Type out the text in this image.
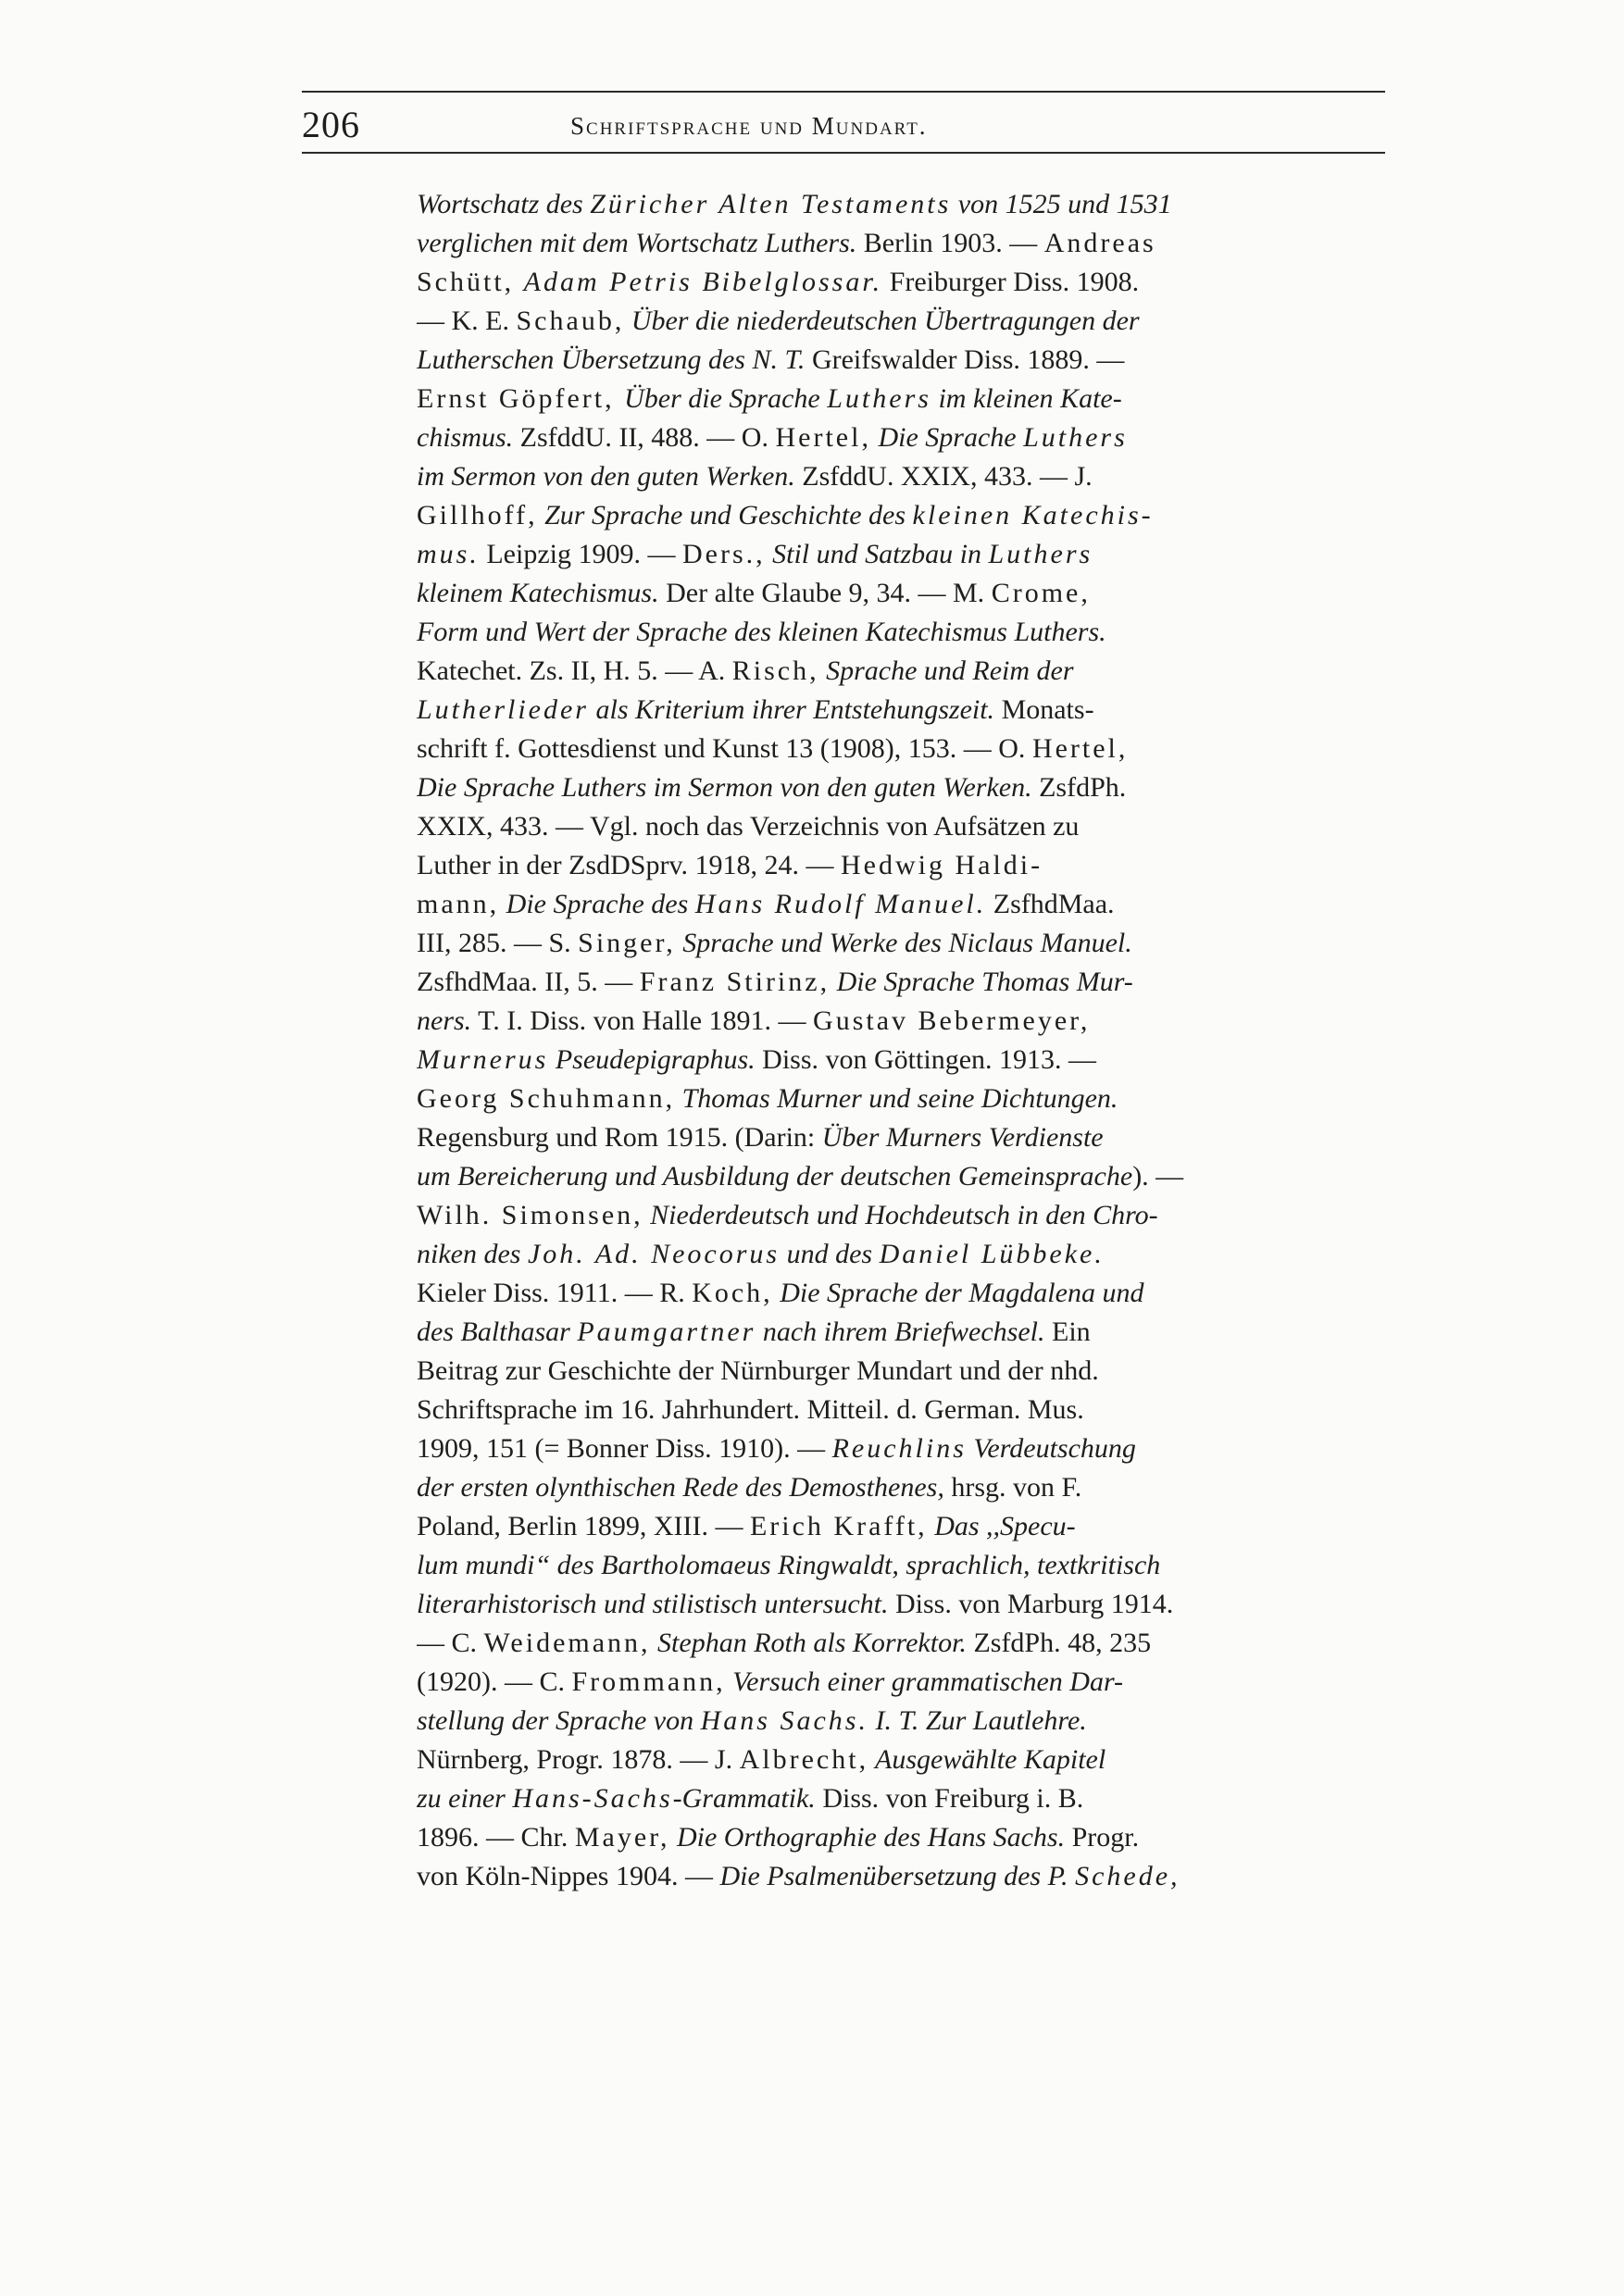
206	Schriftsprache und Mundart.
Wortschatz des Züricher Alten Testaments von 1525 und 1531
verglichen mit dem Wortschatz Luthers. Berlin 1903. — Andreas
Schütt, Adam Petris Bibelglossar. Freiburger Diss. 1908.
— K. E. Schaub, Über die niederdeutschen Übertragungen der
Lutherschen Übersetzung des N. T. Greifswalder Diss. 1889. —
Ernst Göpfert, Über die Sprache Luthers im kleinen Kate-
chismus. ZsfddU. II, 488. — O. Hertel, Die Sprache Luthers
im Sermon von den guten Werken. ZsfddU. XXIX, 433. — J.
Gillhoff, Zur Sprache und Geschichte des kleinen Katechis-
mus. Leipzig 1909. — Ders., Stil und Satzbau in Luthers
kleinem Katechismus. Der alte Glaube 9, 34. — M. Crome,
Form und Wert der Sprache des kleinen Katechismus Luthers.
Katechet. Zs. II, H. 5. — A. Risch, Sprache und Reim der
Lutherlieder als Kriterium ihrer Entstehungszeit. Monats-
schrift f. Gottesdienst und Kunst 13 (1908), 153. — O. Hertel,
Die Sprache Luthers im Sermon von den guten Werken. ZsfdPh.
XXIX, 433. — Vgl. noch das Verzeichnis von Aufsätzen zu
Luther in der ZsdDSprv. 1918, 24. — Hedwig Haldi-
mann, Die Sprache des Hans Rudolf Manuel. ZsfhdMaa.
III, 285. — S. Singer, Sprache und Werke des Niclaus Manuel.
ZsfhdMaa. II, 5. — Franz Stirinz, Die Sprache Thomas Mur-
ners. T. I. Diss. von Halle 1891. — Gustav Bebermeyer,
Murnerus Pseudepigraphus. Diss. von Göttingen. 1913. —
Georg Schuhmann, Thomas Murner und seine Dichtungen.
Regensburg und Rom 1915. (Darin: Über Murners Verdienste
um Bereicherung und Ausbildung der deutschen Gemeinsprache). —
Wilh. Simonsen, Niederdeutsch und Hochdeutsch in den Chro-
niken des Joh. Ad. Neocorus und des Daniel Lübbeke.
Kieler Diss. 1911. — R. Koch, Die Sprache der Magdalena und
des Balthasar Paumgartner nach ihrem Briefwechsel. Ein
Beitrag zur Geschichte der Nürnburger Mundart und der nhd.
Schriftsprache im 16. Jahrhundert. Mitteil. d. German. Mus.
1909, 151 (= Bonner Diss. 1910). — Reuchlins Verdeutschung
der ersten olynthischen Rede des Demosthenes, hrsg. von F.
Poland, Berlin 1899, XIII. — Erich Krafft, Das ,,Specu-
lum mundi“ des Bartholomaeus Ringwaldt, sprachlich, textkritisch
literarhistorisch und stilistisch untersucht. Diss. von Marburg 1914.
— C. Weidemann, Stephan Roth als Korrektor. ZsfdPh. 48, 235
(1920). — C. Frommann, Versuch einer grammatischen Dar-
stellung der Sprache von Hans Sachs. I. T. Zur Lautlehre.
Nürnberg, Progr. 1878. — J. Albrecht, Ausgewählte Kapitel
zu einer Hans-Sachs-Grammatik. Diss. von Freiburg i. B.
1896. — Chr. Mayer, Die Orthographie des Hans Sachs. Progr.
von Köln-Nippes 1904. — Die Psalmenübersetzung des P. Schede,
